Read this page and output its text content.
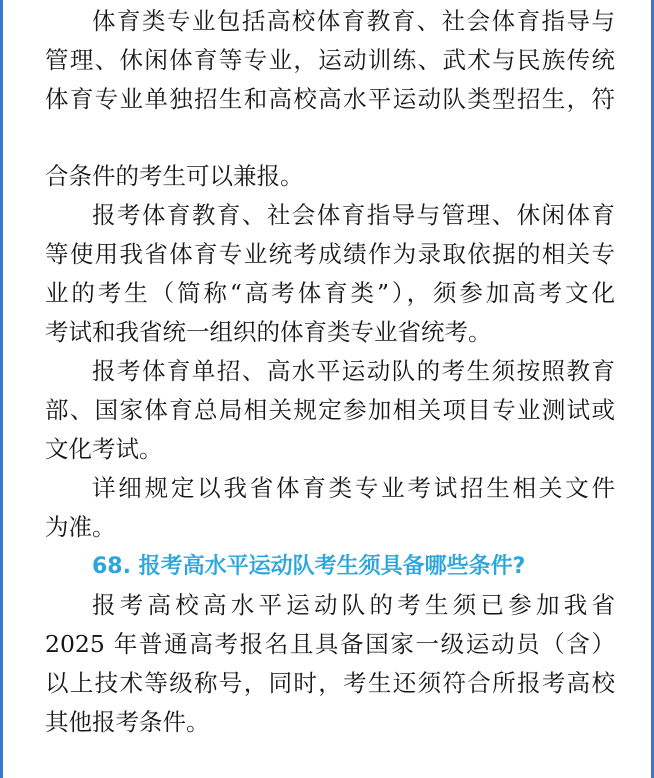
体育类专业包括高校体育教育、社会体育指导与
管理、休闲体育等专业，运动训练、武术与民族传统
体育专业单独招生和高校高水平运动队类型招生，符
合条件的考生可以兼报。
报考体育教育、社会体育指导与管理、休闲体育
等使用我省体育专业统考成绩作为录取依据的相关专
业的考生（简称“高考体育类”），须参加高考文化
考试和我省统一组织的体育类专业省统考。
报考体育单招、高水平运动队的考生须按照教育
部、国家体育总局相关规定参加相关项目专业测试或
文化考试。
详细规定以我省体育类专业考试招生相关文件
为准。
68. 报考高水平运动队考生须具备哪些条件?
报考高校高水平运动队的考生须已参加我省
2025 年普通高考报名且具备国家一级运动员（含）
以上技术等级称号，同时，考生还须符合所报考高校
其他报考条件。
